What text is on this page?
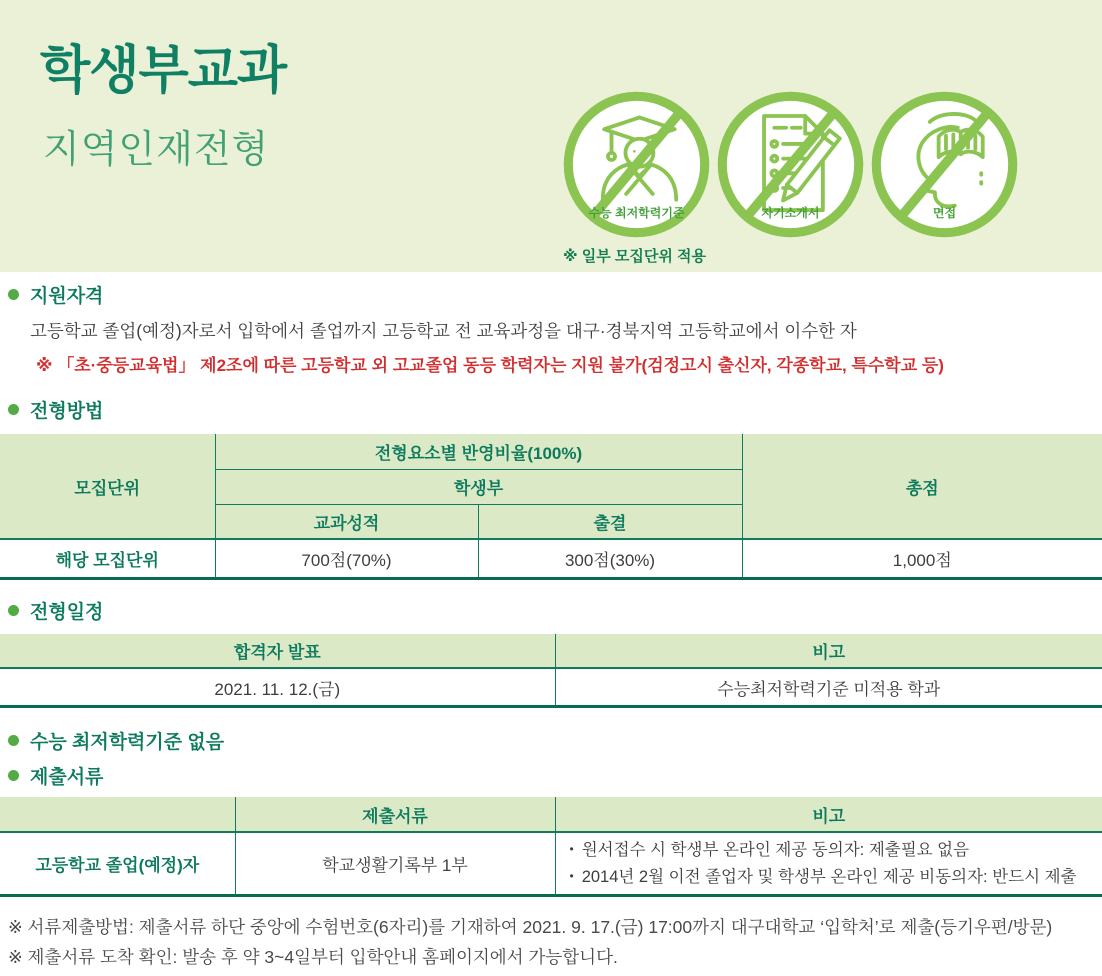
학생부교과
지역인재전형
수능 최저학력기준	자기소개서	면접
※ 일부 모집단위 적용
지원자격
고등학교 졸업(예정)자로서 입학에서 졸업까지 고등학교 전 교육과정을 대구·경북지역 고등학교에서 이수한 자
※ 「초·중등교육법」 제2조에 따른 고등학교 외 고교졸업 동등 학력자는 지원 불가(검정고시 출신자, 각종학교, 특수학교 등)
전형방법
모집단위	전형요소별 반영비율(100%)		총점
	학생부		
	교과성적	출결	
해당 모집단위	700점(70%)	300점(30%)	1,000점
전형일정
합격자 발표	비고
2021. 11. 12.(금)	수능최저학력기준 미적용 학과
수능 최저학력기준 없음
제출서류
	제출서류	비고
고등학교 졸업(예정)자	학교생활기록부 1부	• 원서접수 시 학생부 온라인 제공 동의자: 제출필요 없음
• 2014년 2월 이전 졸업자 및 학생부 온라인 제공 비동의자: 반드시 제출
※ 서류제출방법: 제출서류 하단 중앙에 수험번호(6자리)를 기재하여 2021. 9. 17.(금) 17:00까지 대구대학교 ‘입학처’로 제출(등기우편/방문)
※ 제출서류 도착 확인: 발송 후 약 3~4일부터 입학안내 홈페이지에서 가능합니다.
